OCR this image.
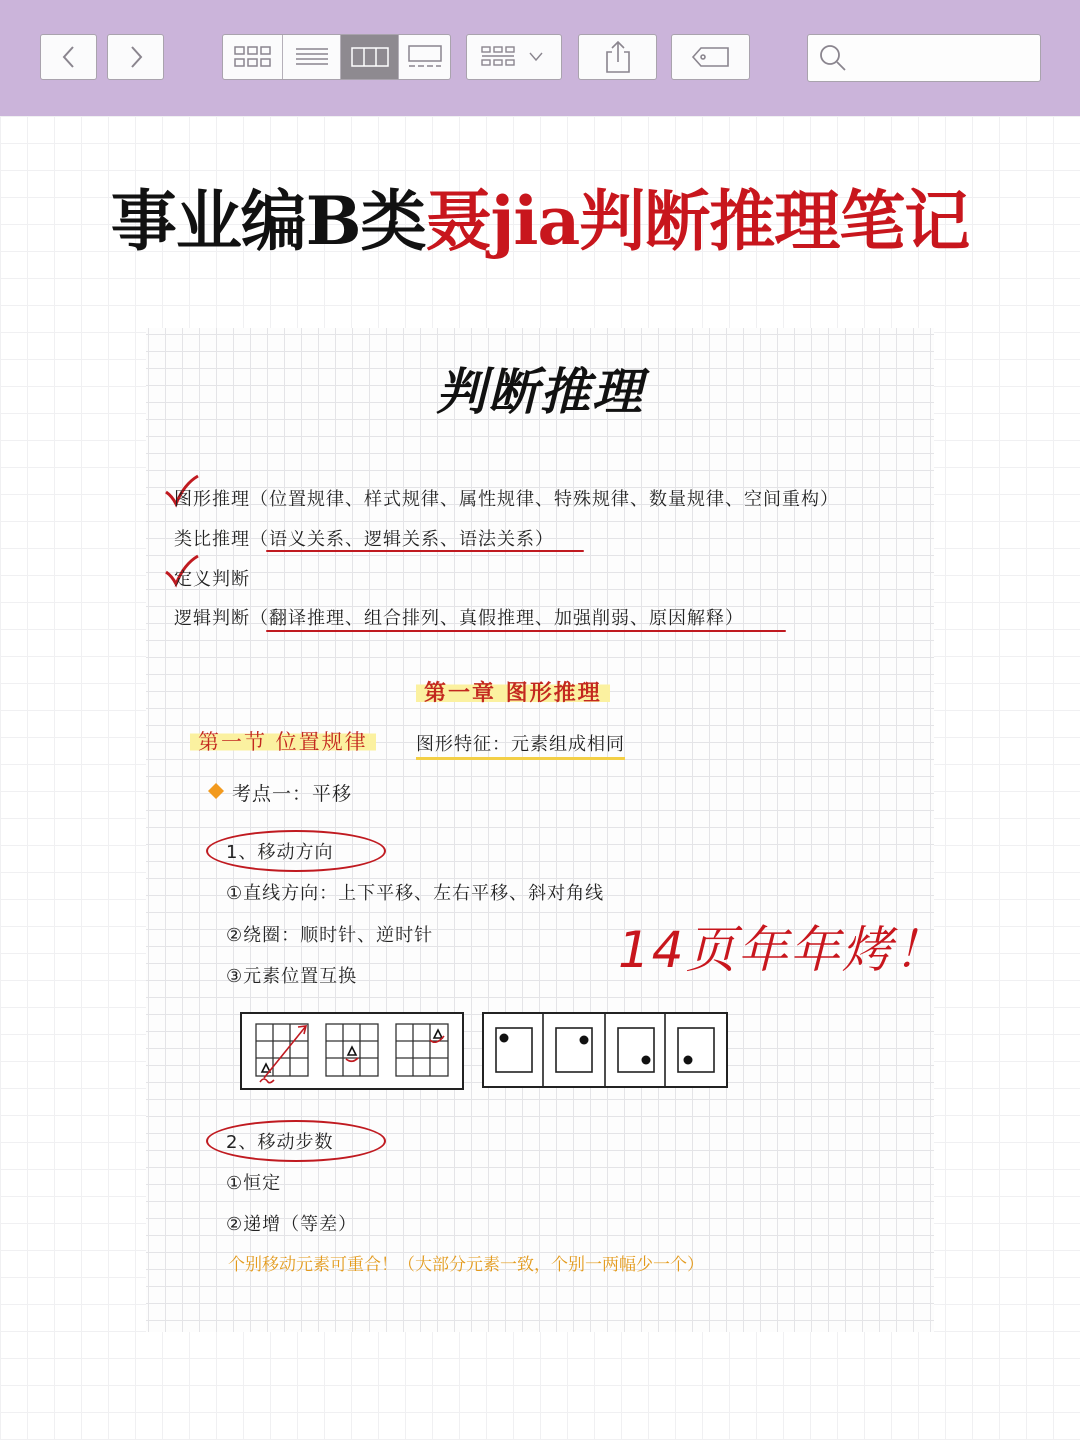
事业编B类聂jia判断推理笔记
判断推理
图形推理（位置规律、样式规律、属性规律、特殊规律、数量规律、空间重构）
类比推理（语义关系、逻辑关系、语法关系）
定义判断
逻辑判断（翻译推理、组合排列、真假推理、加强削弱、原因解释）
第一章 图形推理
第一节 位置规律	图形特征：元素组成相同
考点一：平移
1、移动方向
①直线方向：上下平移、左右平移、斜对角线
②绕圈：顺时针、逆时针
③元素位置互换	14页年年烤！
2、移动步数
①恒定
②递增（等差）
个别移动元素可重合！（大部分元素一致，个别一两幅少一个）
